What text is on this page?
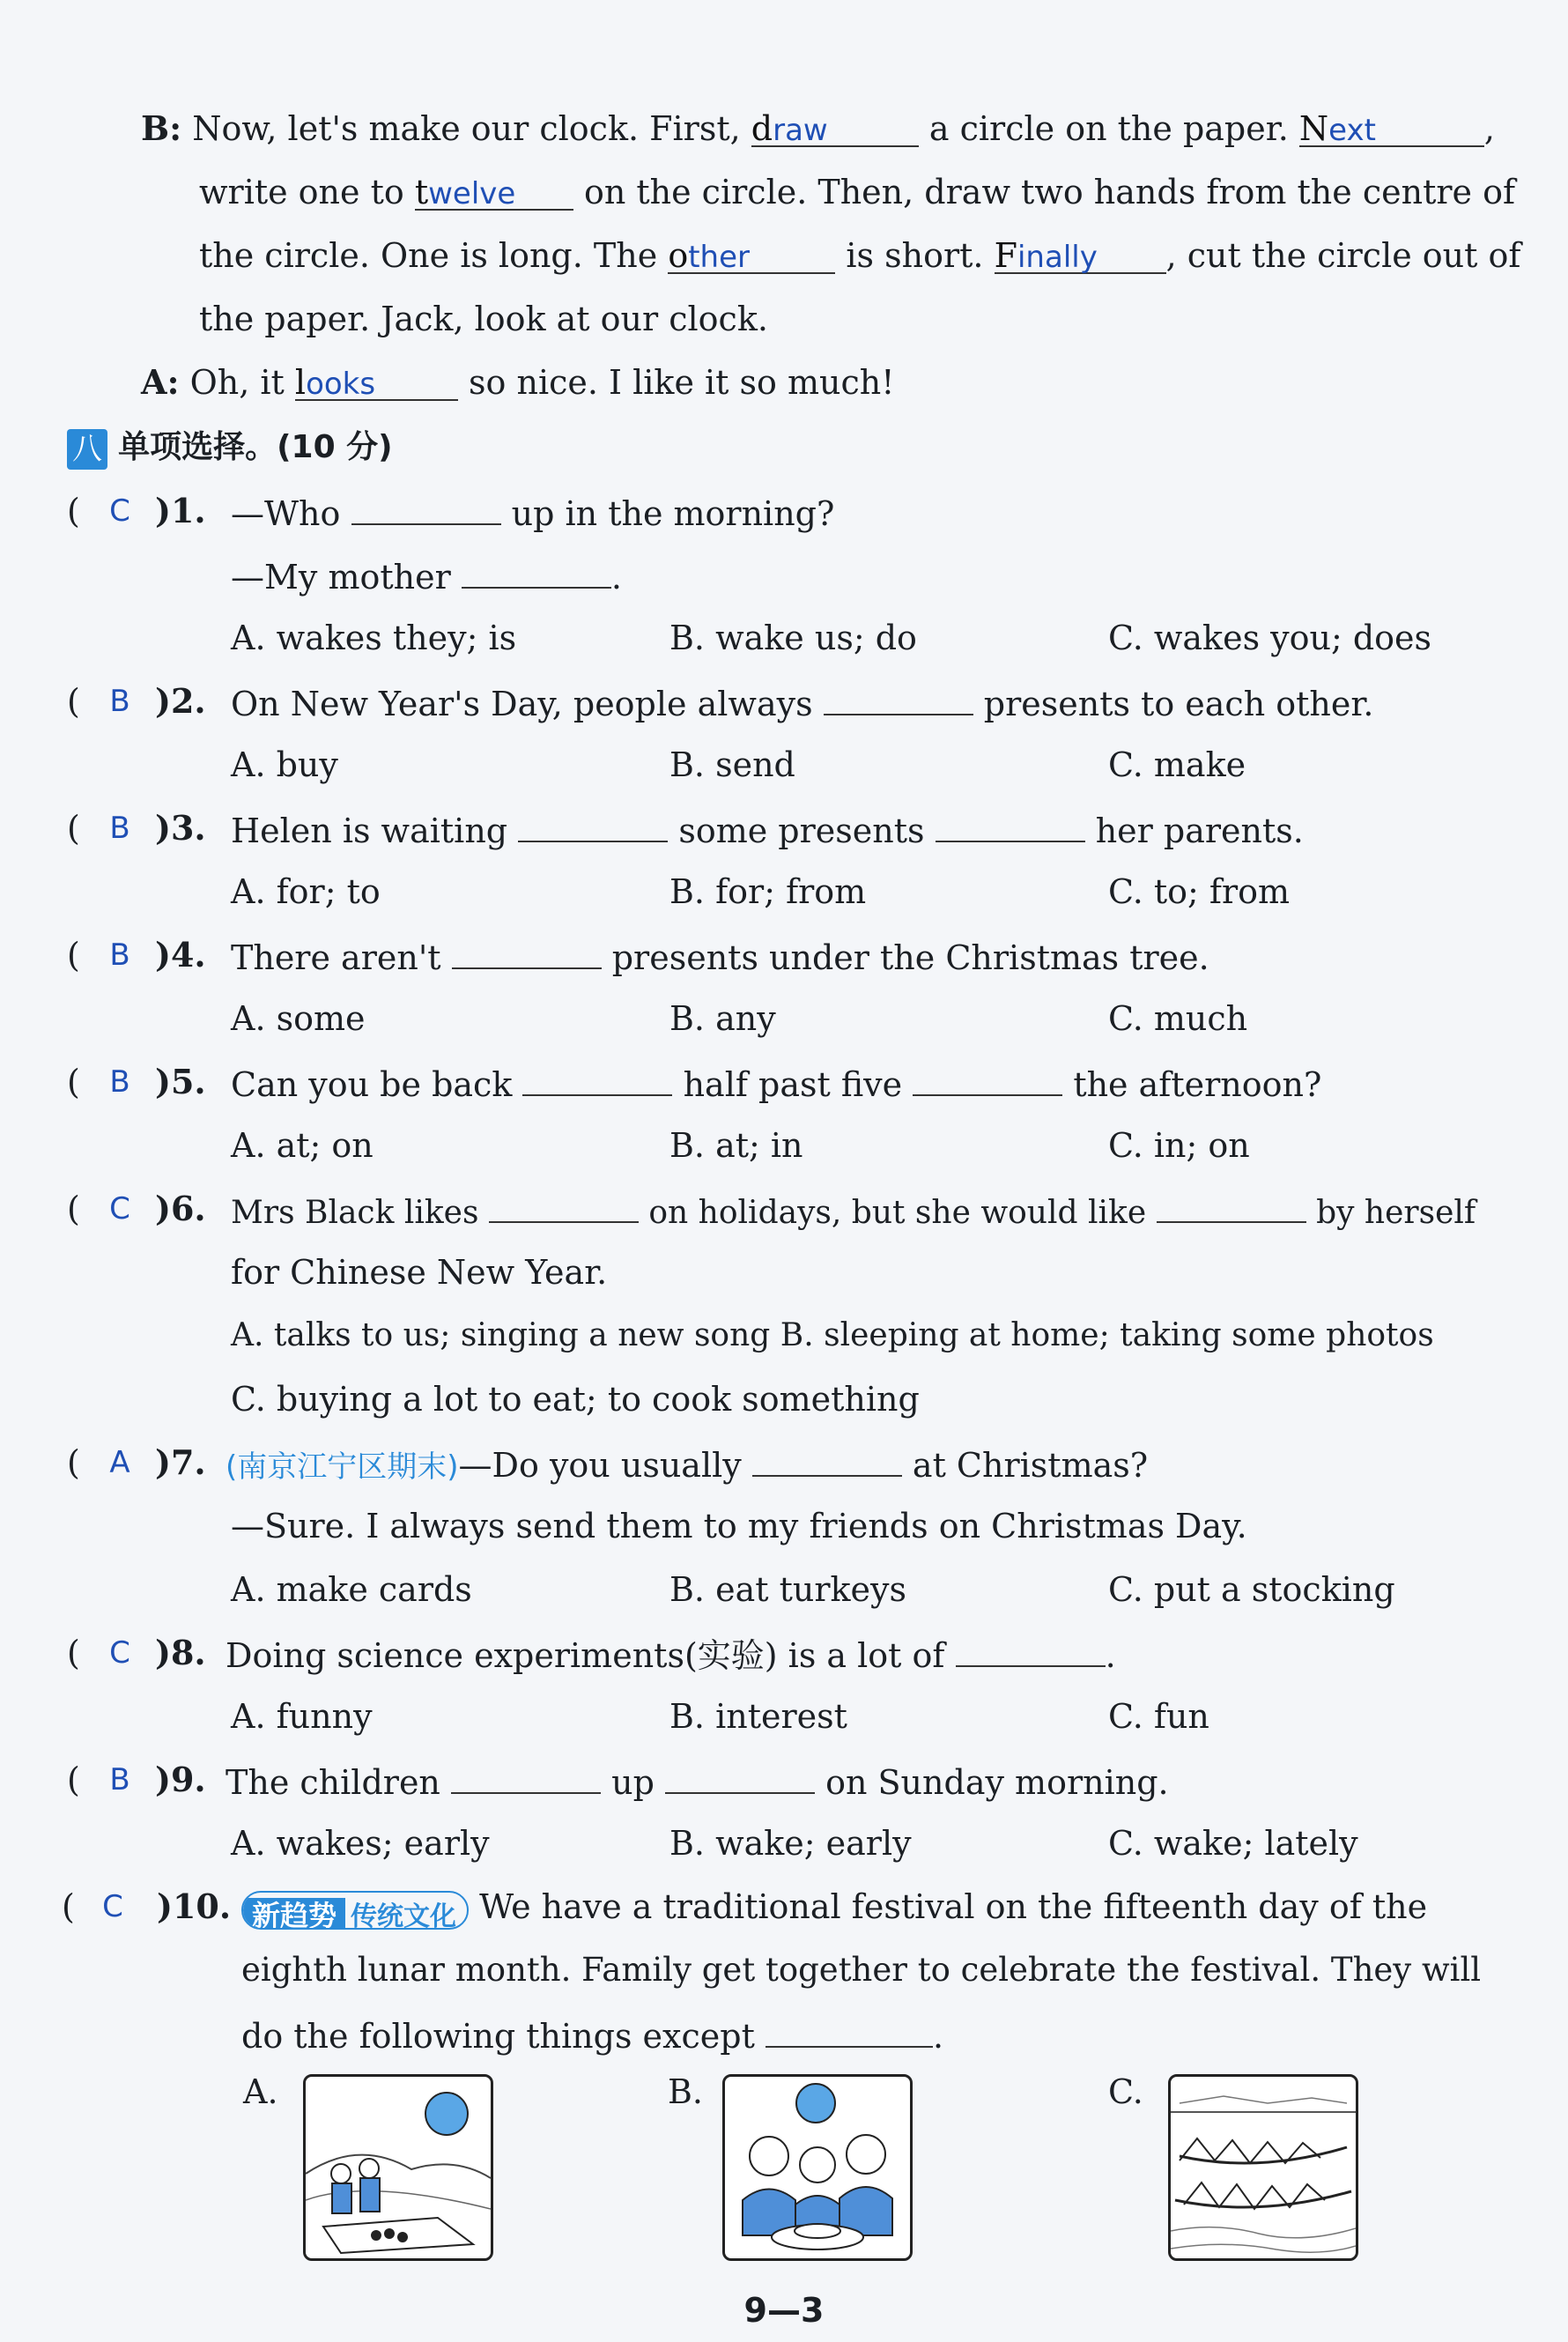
B: Now, let's make our clock. First, draw	a circle on the paper. Next	,
write one to twelve on the circle. Then, draw two hands from the centre of
the circle. One is long. The other	is short. Finally , cut the circle out of
the paper. Jack, look at our clock.
A: Oh, it looks	so nice. I like it so much!
八 单项选择。(10 分)
( C )1. —Who	up in the morning?
—My mother	.
A. wakes they; is	B. wake us; do	C. wakes you; does
( B )2. On New Year's Day, people always	presents to each other.
A. buy	B. send	C. make
( B )3. Helen is waiting	some presents	her parents.
A. for; to	B. for; from	C. to; from
( B )4. There aren't	presents under the Christmas tree.
A. some	B. any	C. much
( B )5. Can you be back	half past five	the afternoon?
A. at; on	B. at; in	C. in; on
( C )6. Mrs Black likes	on holidays, but she would like	by herself
for Chinese New Year.
A. talks to us; singing a new song B. sleeping at home; taking some photos
C. buying a lot to eat; to cook something
( A )7. (南京江宁区期末)—Do you usually	at Christmas?
—Sure. I always send them to my friends on Christmas Day.
A. make cards	B. eat turkeys	C. put a stocking
( C )8. Doing science experiments(实验) is a lot of	.
A. funny	B. interest	C. fun
( B )9. The children	up	on Sunday morning.
A. wakes; early	B. wake; early	C. wake; lately
( C )10. 新趋势 传统文化 We have a traditional festival on the fifteenth day of the
eighth lunar month. Family get together to celebrate the festival. They will
do the following things except	.
A.	B.	C.
9—3
